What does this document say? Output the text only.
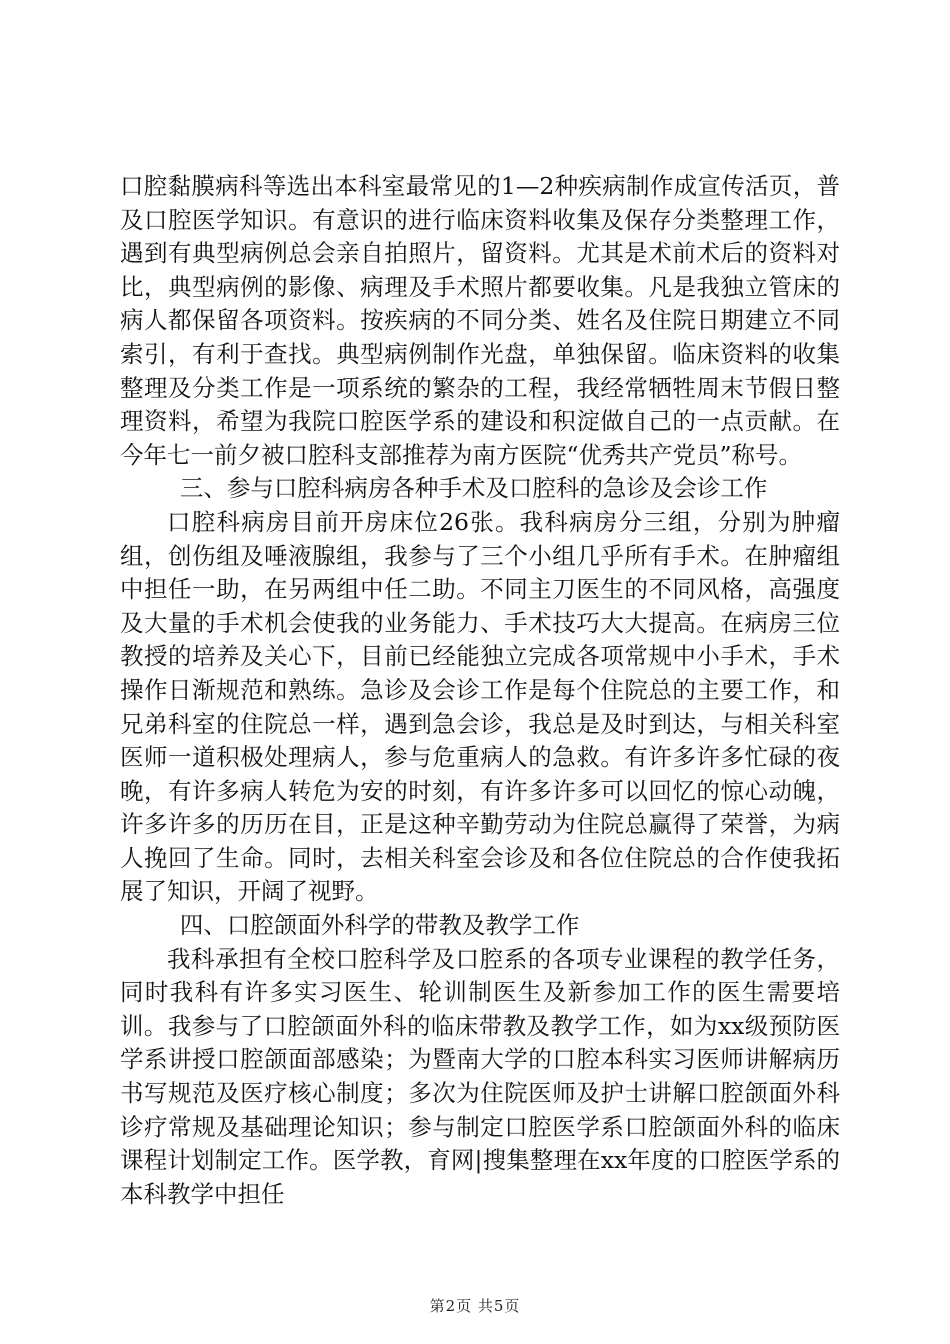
口腔黏膜病科等选出本科室最常见的1—2种疾病制作成宣传活页，普及口腔医学知识。有意识的进行临床资料收集及保存分类整理工作，遇到有典型病例总会亲自拍照片，留资料。尤其是术前术后的资料对比，典型病例的影像、病理及手术照片都要收集。凡是我独立管床的病人都保留各项资料。按疾病的不同分类、姓名及住院日期建立不同索引，有利于查找。典型病例制作光盘，单独保留。临床资料的收集整理及分类工作是一项系统的繁杂的工程，我经常牺牲周末节假日整理资料，希望为我院口腔医学系的建设和积淀做自己的一点贡献。在今年七一前夕被口腔科支部推荐为南方医院“优秀共产党员”称号。

三、参与口腔科病房各种手术及口腔科的急诊及会诊工作

口腔科病房目前开房床位26张。我科病房分三组，分别为肿瘤组，创伤组及唾液腺组，我参与了三个小组几乎所有手术。在肿瘤组中担任一助，在另两组中任二助。不同主刀医生的不同风格，高强度及大量的手术机会使我的业务能力、手术技巧大大提高。在病房三位教授的培养及关心下，目前已经能独立完成各项常规中小手术，手术操作日渐规范和熟练。急诊及会诊工作是每个住院总的主要工作，和兄弟科室的住院总一样，遇到急会诊，我总是及时到达，与相关科室医师一道积极处理病人，参与危重病人的急救。有许多许多忙碌的夜晚，有许多病人转危为安的时刻，有许多许多可以回忆的惊心动魄，许多许多的历历在目，正是这种辛勤劳动为住院总赢得了荣誉，为病人挽回了生命。同时，去相关科室会诊及和各位住院总的合作使我拓展了知识，开阔了视野。

四、口腔颌面外科学的带教及教学工作

我科承担有全校口腔科学及口腔系的各项专业课程的教学任务，同时我科有许多实习医生、轮训制医生及新参加工作的医生需要培训。我参与了口腔颌面外科的临床带教及教学工作，如为xx级预防医学系讲授口腔颌面部感染；为暨南大学的口腔本科实习医师讲解病历书写规范及医疗核心制度；多次为住院医师及护士讲解口腔颌面外科诊疗常规及基础理论知识；参与制定口腔医学系口腔颌面外科的临床课程计划制定工作。医学教，育网|搜集整理在xx年度的口腔医学系的本科教学中担任

第2页 共5页
